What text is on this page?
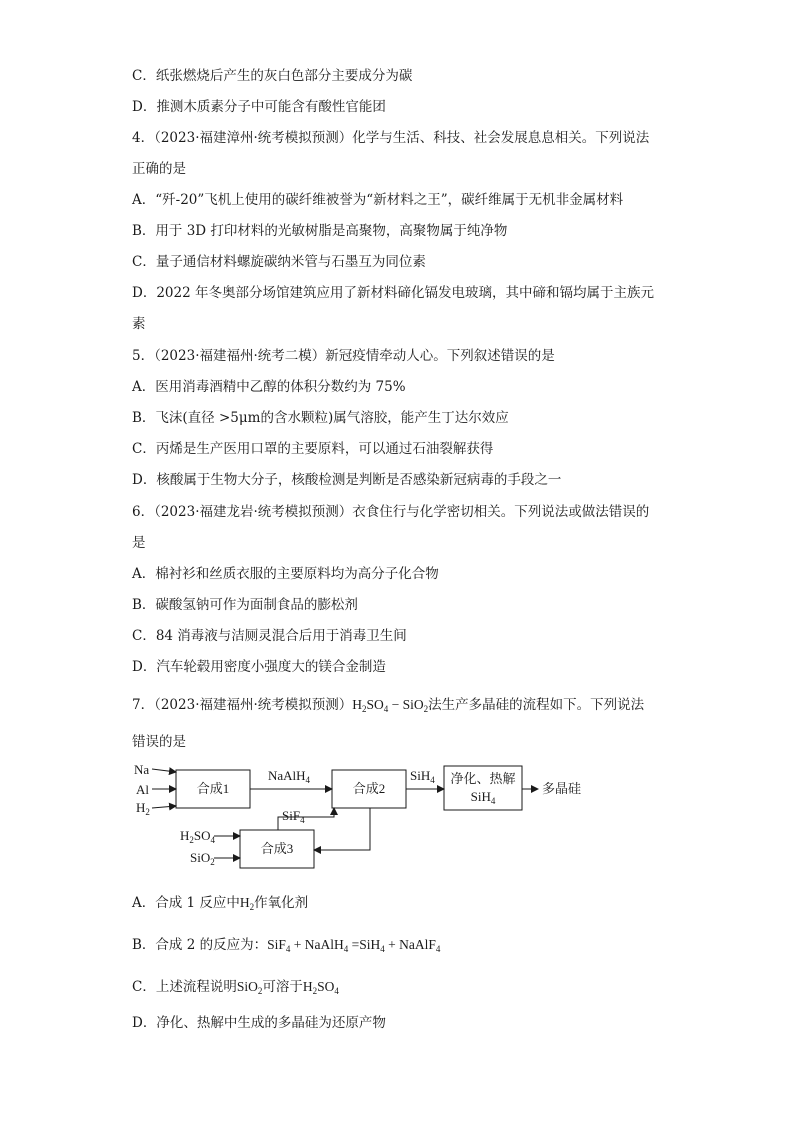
C．纸张燃烧后产生的灰白色部分主要成分为碳
D．推测木质素分子中可能含有酸性官能团
4．（2023·福建漳州·统考模拟预测）化学与生活、科技、社会发展息息相关。下列说法
正确的是
A．“歼-20”飞机上使用的碳纤维被誉为“新材料之王”，碳纤维属于无机非金属材料
B．用于 3D 打印材料的光敏树脂是高聚物，高聚物属于纯净物
C．量子通信材料螺旋碳纳米管与石墨互为同位素
D．2022 年冬奥部分场馆建筑应用了新材料碲化镉发电玻璃，其中碲和镉均属于主族元
素
5．（2023·福建福州·统考二模）新冠疫情牵动人心。下列叙述错误的是
A．医用消毒酒精中乙醇的体积分数约为 75%
B．飞沫(直径 >5μm的含水颗粒)属气溶胶，能产生丁达尔效应
C．丙烯是生产医用口罩的主要原料，可以通过石油裂解获得
D．核酸属于生物大分子，核酸检测是判断是否感染新冠病毒的手段之一
6．（2023·福建龙岩·统考模拟预测）衣食住行与化学密切相关。下列说法或做法错误的
是
A．棉衬衫和丝质衣服的主要原料均为高分子化合物
B．碳酸氢钠可作为面制食品的膨松剂
C．84 消毒液与洁厕灵混合后用于消毒卫生间
D．汽车轮毂用密度小强度大的镁合金制造
7．（2023·福建福州·统考模拟预测）$H_2SO_4 - SiO_2$法生产多晶硅的流程如下。下列说法
错误的是
Na
Al
$H_2$
合成1
NaAlH$_4$
合成2
SiH$_4$	净化、热解
SiH$_4$
多晶硅
SiF$_4$
$H_2SO_4$
SiO$_2$
合成3
A．合成 1 反应中$H_2$作氧化剂
B．合成 2 的反应为：SiF$_4$ + NaAlH$_4$ =SiH$_4$ + NaAlF$_4$
C．上述流程说明SiO$_2$可溶于$H_2SO_4$
D．净化、热解中生成的多晶硅为还原产物
